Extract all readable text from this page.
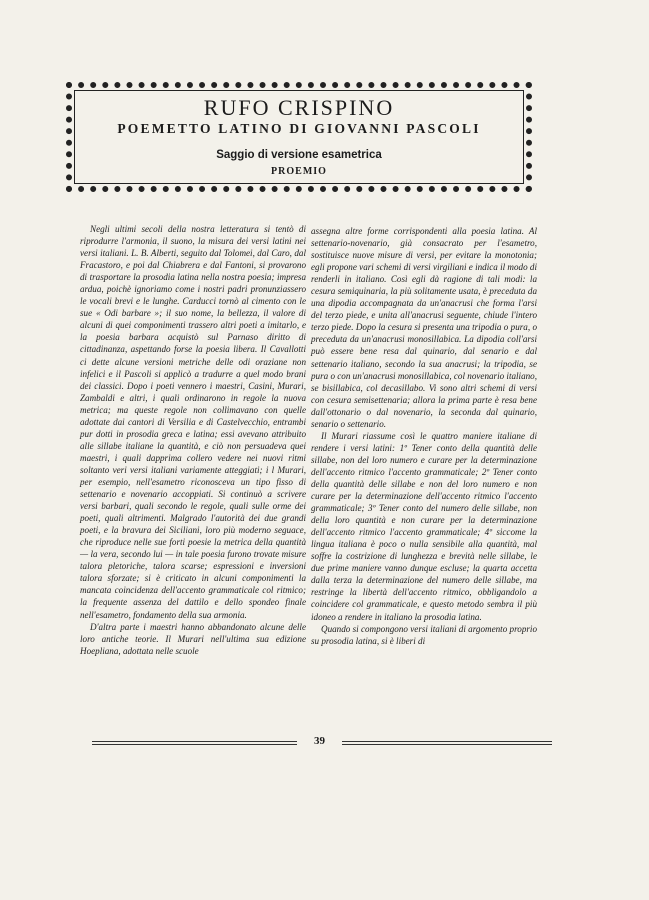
RUFO CRISPINO
POEMETTO LATINO DI GIOVANNI PASCOLI
Saggio di versione esametrica
PROEMIO

Negli ultimi secoli della nostra letteratura si tentò di riprodurre l'armonia, il suono, la misura dei versi latini nei versi italiani. L. B. Alberti, seguito dal Tolomei, dal Caro, dal Fracastoro, e poi dal Chiabrera e dal Fantoni, si provarono di trasportare la prosodia latina nella nostra poesia; impresa ardua, poichè ignoriamo come i nostri padri pronunziassero le vocali brevi e le lunghe. Carducci tornò al cimento con le sue « Odi barbare »; il suo nome, la bellezza, il valore di alcuni di quei componimenti trassero altri poeti a imitarlo, e la poesia barbara acquistò sul Parnaso diritto di cittadinanza, aspettando forse la poesia libera. Il Cavallotti ci dette alcune versioni metriche delle odi oraziane non infelici e il Pascoli si applicò a tradurre a quel modo brani dei classici. Dopo i poeti vennero i maestri, Casini, Murari, Zambaldi e altri, i quali ordinarono in regole la nuova metrica; ma queste regole non collimavano con quelle adottate dai cantori di Versilia e di Castelvecchio, entrambi pur dotti in prosodia greca e latina; essi avevano attribuito alle sillabe italiane la quantità, e ciò non persuadeva quei maestri, i quali dapprima collero vedere nei nuovi ritmi soltanto veri versi italiani variamente atteggiati; i l Murari, per esempio, nell'esametro riconosceva un tipo fisso di settenario e novenario accoppiati. Si continuò a scrivere versi barbari, quali secondo le regole, quali sulle orme dei poeti, quali altrimenti. Malgrado l'autorità dei due grandi poeti, e la bravura dei Siciliani, loro più moderno seguace, che riproduce nelle sue forti poesie la metrica della quantità — la vera, secondo lui — in tale poesia furono trovate misure talora pletoriche, talora scarse; espressioni e inversioni talora sforzate; si è criticato in alcuni componimenti la mancata coincidenza dell'accento grammaticale col ritmico; la frequente assenza del dattilo e dello spondeo finale nell'esametro, fondamento della sua armonia.

D'altra parte i maestri hanno abbandonato alcune delle loro antiche teorie. Il Murari nell'ultima sua edizione Hoepliana, adottata nelle scuole

assegna altre forme corrispondenti alla poesia latina. Al settenario-novenario, già consacrato per l'esametro, sostituisce nuove misure di versi, per evitare la monotonia; egli propone vari schemi di versi virgiliani e indica il modo di renderli in italiano. Così egli dà ragione di tali modi: la cesura semiquinaria, la più solitamente usata, è preceduta da una dipodia accompagnata da un'anacrusi che forma l'arsi del terzo piede, e unita all'anacrusi seguente, chiude l'intero terzo piede. Dopo la cesura si presenta una tripodia o pura, o preceduta da un'anacrusi monosillabica. La dipodia coll'arsi può essere bene resa dal quinario, dal senario e dal settenario italiano, secondo la sua anacrusi; la tripodia, se pura o con un'anacrusi monosillabica, col novenario italiano, se bisillabica, col decasillabo. Vi sono altri schemi di versi con cesura semisettenaria; allora la prima parte è resa bene dall'ottonario o dal novenario, la seconda dal quinario, senario o settenario.

Il Murari riassume così le quattro maniere italiane di rendere i versi latini: 1º Tener conto della quantità delle sillabe, non del loro numero e curare per la determinazione dell'accento ritmico l'accento grammaticale; 2º Tener conto della quantità delle sillabe e non del loro numero e non curare per la determinazione dell'accento ritmico l'accento grammaticale; 3º Tener conto del numero delle sillabe, non della loro quantità e non curare per la determinazione dell'accento ritmico l'accento grammaticale; 4º siccome la lingua italiana è poco o nulla sensibile alla quantità, mal soffre la costrizione di lunghezza e brevità nelle sillabe, le due prime maniere vanno dunque escluse; la quarta accetta dalla terza la determinazione del numero delle sillabe, ma restringe la libertà dell'accento ritmico, obbligandolo a coincidere col grammaticale, e questo metodo sembra il più idoneo a rendere in italiano la prosodia latina.

Quando si compongono versi italiani di argomento proprio su prosodia latina, si è liberi di

39
